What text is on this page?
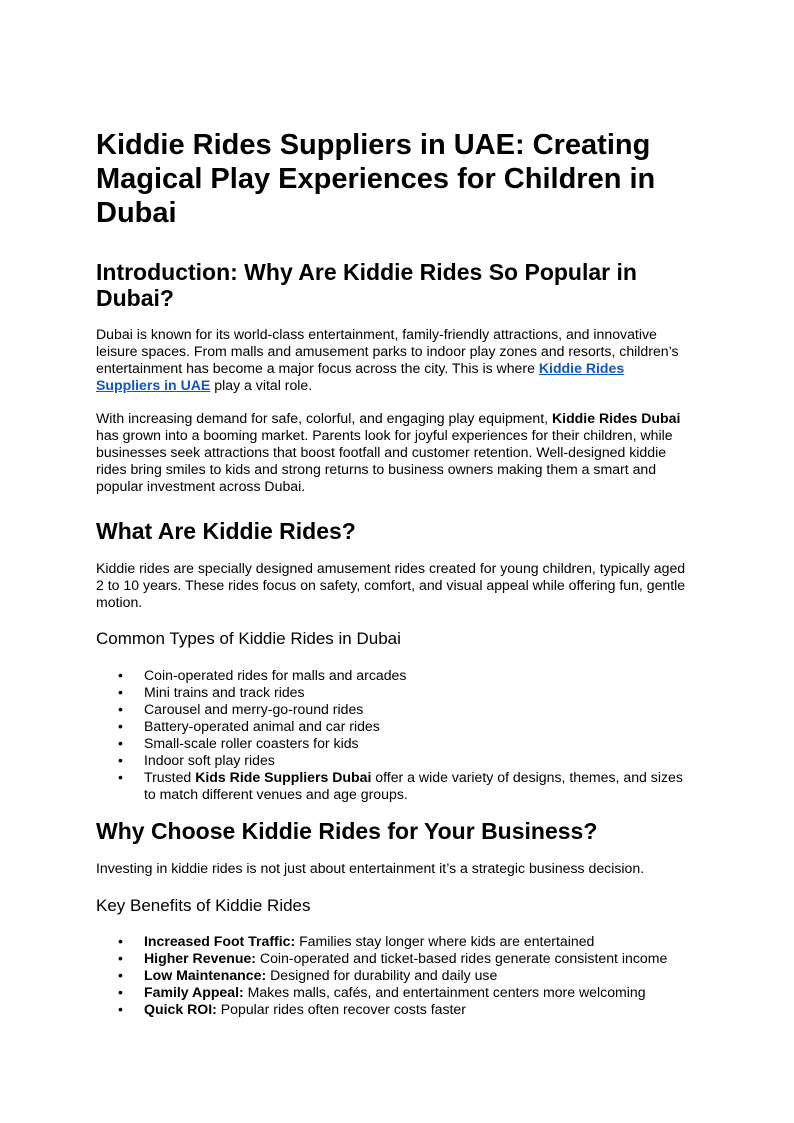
Kiddie Rides Suppliers in UAE: Creating Magical Play Experiences for Children in Dubai
Introduction: Why Are Kiddie Rides So Popular in Dubai?

Dubai is known for its world-class entertainment, family-friendly attractions, and innovative leisure spaces. From malls and amusement parks to indoor play zones and resorts, children’s entertainment has become a major focus across the city. This is where Kiddie Rides Suppliers in UAE play a vital role.

With increasing demand for safe, colorful, and engaging play equipment, Kiddie Rides Dubai has grown into a booming market. Parents look for joyful experiences for their children, while businesses seek attractions that boost footfall and customer retention. Well-designed kiddie rides bring smiles to kids and strong returns to business owners making them a smart and popular investment across Dubai.

What Are Kiddie Rides?

Kiddie rides are specially designed amusement rides created for young children, typically aged 2 to 10 years. These rides focus on safety, comfort, and visual appeal while offering fun, gentle motion.

Common Types of Kiddie Rides in Dubai
• Coin-operated rides for malls and arcades
• Mini trains and track rides
• Carousel and merry-go-round rides
• Battery-operated animal and car rides
• Small-scale roller coasters for kids
• Indoor soft play rides
• Trusted Kids Ride Suppliers Dubai offer a wide variety of designs, themes, and sizes to match different venues and age groups.
Why Choose Kiddie Rides for Your Business?

Investing in kiddie rides is not just about entertainment it’s a strategic business decision.

Key Benefits of Kiddie Rides
• Increased Foot Traffic: Families stay longer where kids are entertained
• Higher Revenue: Coin-operated and ticket-based rides generate consistent income
• Low Maintenance: Designed for durability and daily use
• Family Appeal: Makes malls, cafés, and entertainment centers more welcoming
• Quick ROI: Popular rides often recover costs faster
